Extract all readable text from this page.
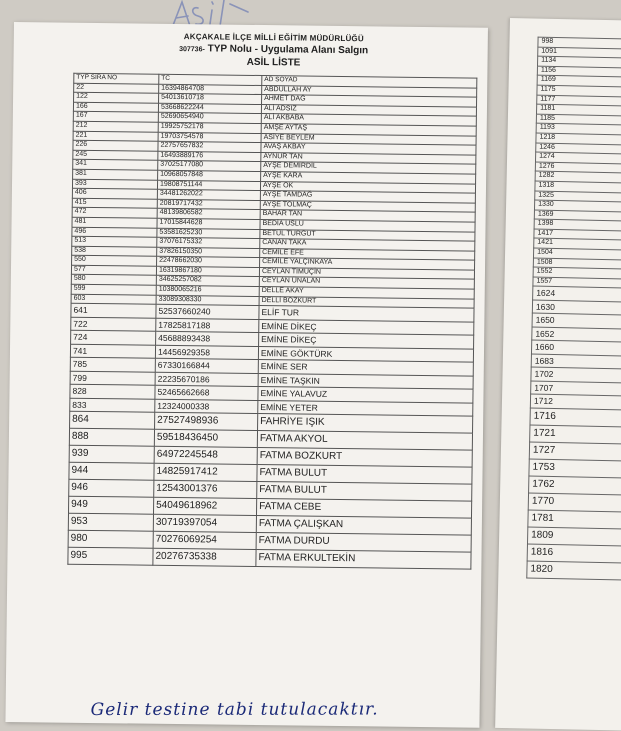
998
1091
1134
1156
1169
1175
1177
1181
1185
1193
1218
1246
1274
1276
1282
1318
1325
1330
1369
1398
1417
1421
1504
1508
1552
1557
1624
1630
1650
1652
1660
1683
1702
1707
1712
1716
1721
1727
1753
1762
1770
1781
1809
1816
1820
AKÇAKALE İLÇE MİLLİ EĞİTİM MÜDÜRLÜĞÜ
307736- TYP Nolu - Uygulama Alanı Salgın
ASİL LİSTE
TYP SIRA NO	TC	AD SOYAD
22	16394864708	ABDULLAH AY
122	54013610718	AHMET DAĞ
166	53668622244	ALİ ADSIZ
167	52690654940	ALİ AKBABA
212	19925752178	AMŞE AYTAŞ
221	19703754578	ASİYE BEYLEM
226	22757657832	AVAŞ AKBAY
245	16493889176	AYNUR TAN
341	37025177080	AYŞE DEMİRDİL
381	10968057848	AYŞE KARA
393	19808751144	AYŞE OK
406	34481262022	AYŞE TAMDAĞ
415	20819717432	AYŞE TOLMAÇ
472	48139806582	BAHAR TAN
481	17015844628	BEDİA USLU
496	53581625230	BETÜL TURGUT
513	37076175332	CANAN TAKA
538	37826150350	CEMİLE EFE
550	22478662030	CEMİLE YALÇINKAYA
577	16319867180	CEYLAN TİMUÇİN
580	34625257082	CEYLAN ÜNALAN
599	10380065216	DELLE AKAY
603	33089308330	DELLİ BOZKURT
641	52537660240	ELİF TUR
722	17825817188	EMİNE DİKEÇ
724	45688893438	EMİNE DİKEÇ
741	14456929358	EMİNE GÖKTÜRK
785	67330166844	EMİNE SER
799	22235670186	EMİNE TAŞKIN
828	52465662668	EMİNE YALAVUZ
833	12324000338	EMİNE YETER
864	27527498936	FAHRİYE IŞIK
888	59518436450	FATMA AKYOL
939	64972245548	FATMA BOZKURT
944	14825917412	FATMA BULUT
946	12543001376	FATMA BULUT
949	54049618962	FATMA CEBE
953	30719397054	FATMA ÇALIŞKAN
980	70276069254	FATMA DURDU
995	20276735338	FATMA ERKULTEKİN
Gelir testine tabi tutulacaktır.
